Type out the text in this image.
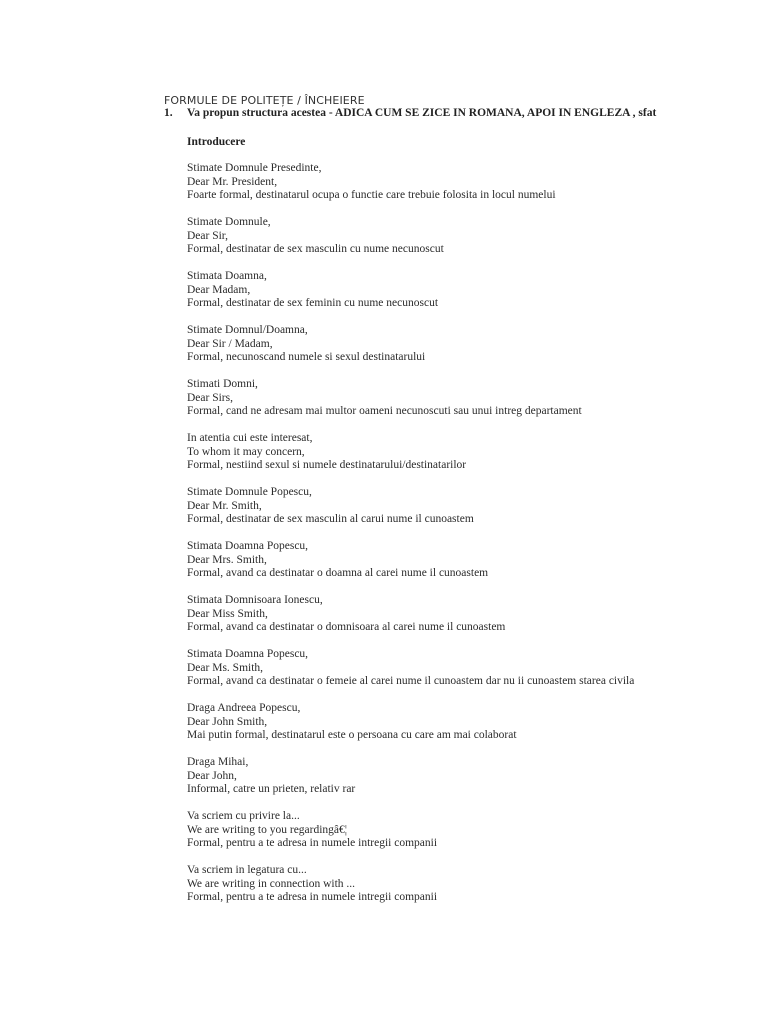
FORMULE DE POLITEȚE / ÎNCHEIERE
1. Va propun structura acestea - ADICA CUM SE ZICE IN ROMANA, APOI IN ENGLEZA , sfat
Introducere
Stimate Domnule Presedinte,
Dear Mr. President,
Foarte formal, destinatarul ocupa o functie care trebuie folosita in locul numelui
Stimate Domnule,
Dear Sir,
Formal, destinatar de sex masculin cu nume necunoscut
Stimata Doamna,
Dear Madam,
Formal, destinatar de sex feminin cu nume necunoscut
Stimate Domnul/Doamna,
Dear Sir / Madam,
Formal, necunoscand numele si sexul destinatarului
Stimati Domni,
Dear Sirs,
Formal, cand ne adresam mai multor oameni necunoscuti sau unui intreg departament
In atentia cui este interesat,
To whom it may concern,
Formal, nestiind sexul si numele destinatarului/destinatarilor
Stimate Domnule Popescu,
Dear Mr. Smith,
Formal, destinatar de sex masculin al carui nume il cunoastem
Stimata Doamna Popescu,
Dear Mrs. Smith,
Formal, avand ca destinatar o doamna al carei nume il cunoastem
Stimata Domnisoara Ionescu,
Dear Miss Smith,
Formal, avand ca destinatar o domnisoara al carei nume il cunoastem
Stimata Doamna Popescu,
Dear Ms. Smith,
Formal, avand ca destinatar o femeie al carei nume il cunoastem dar nu ii cunoastem starea civila
Draga Andreea Popescu,
Dear John Smith,
Mai putin formal, destinatarul este o persoana cu care am mai colaborat
Draga Mihai,
Dear John,
Informal, catre un prieten, relativ rar
Va scriem cu privire la...
We are writing to you regardingâ€¦
Formal, pentru a te adresa in numele intregii companii
Va scriem in legatura cu...
We are writing in connection with ...
Formal, pentru a te adresa in numele intregii companii
